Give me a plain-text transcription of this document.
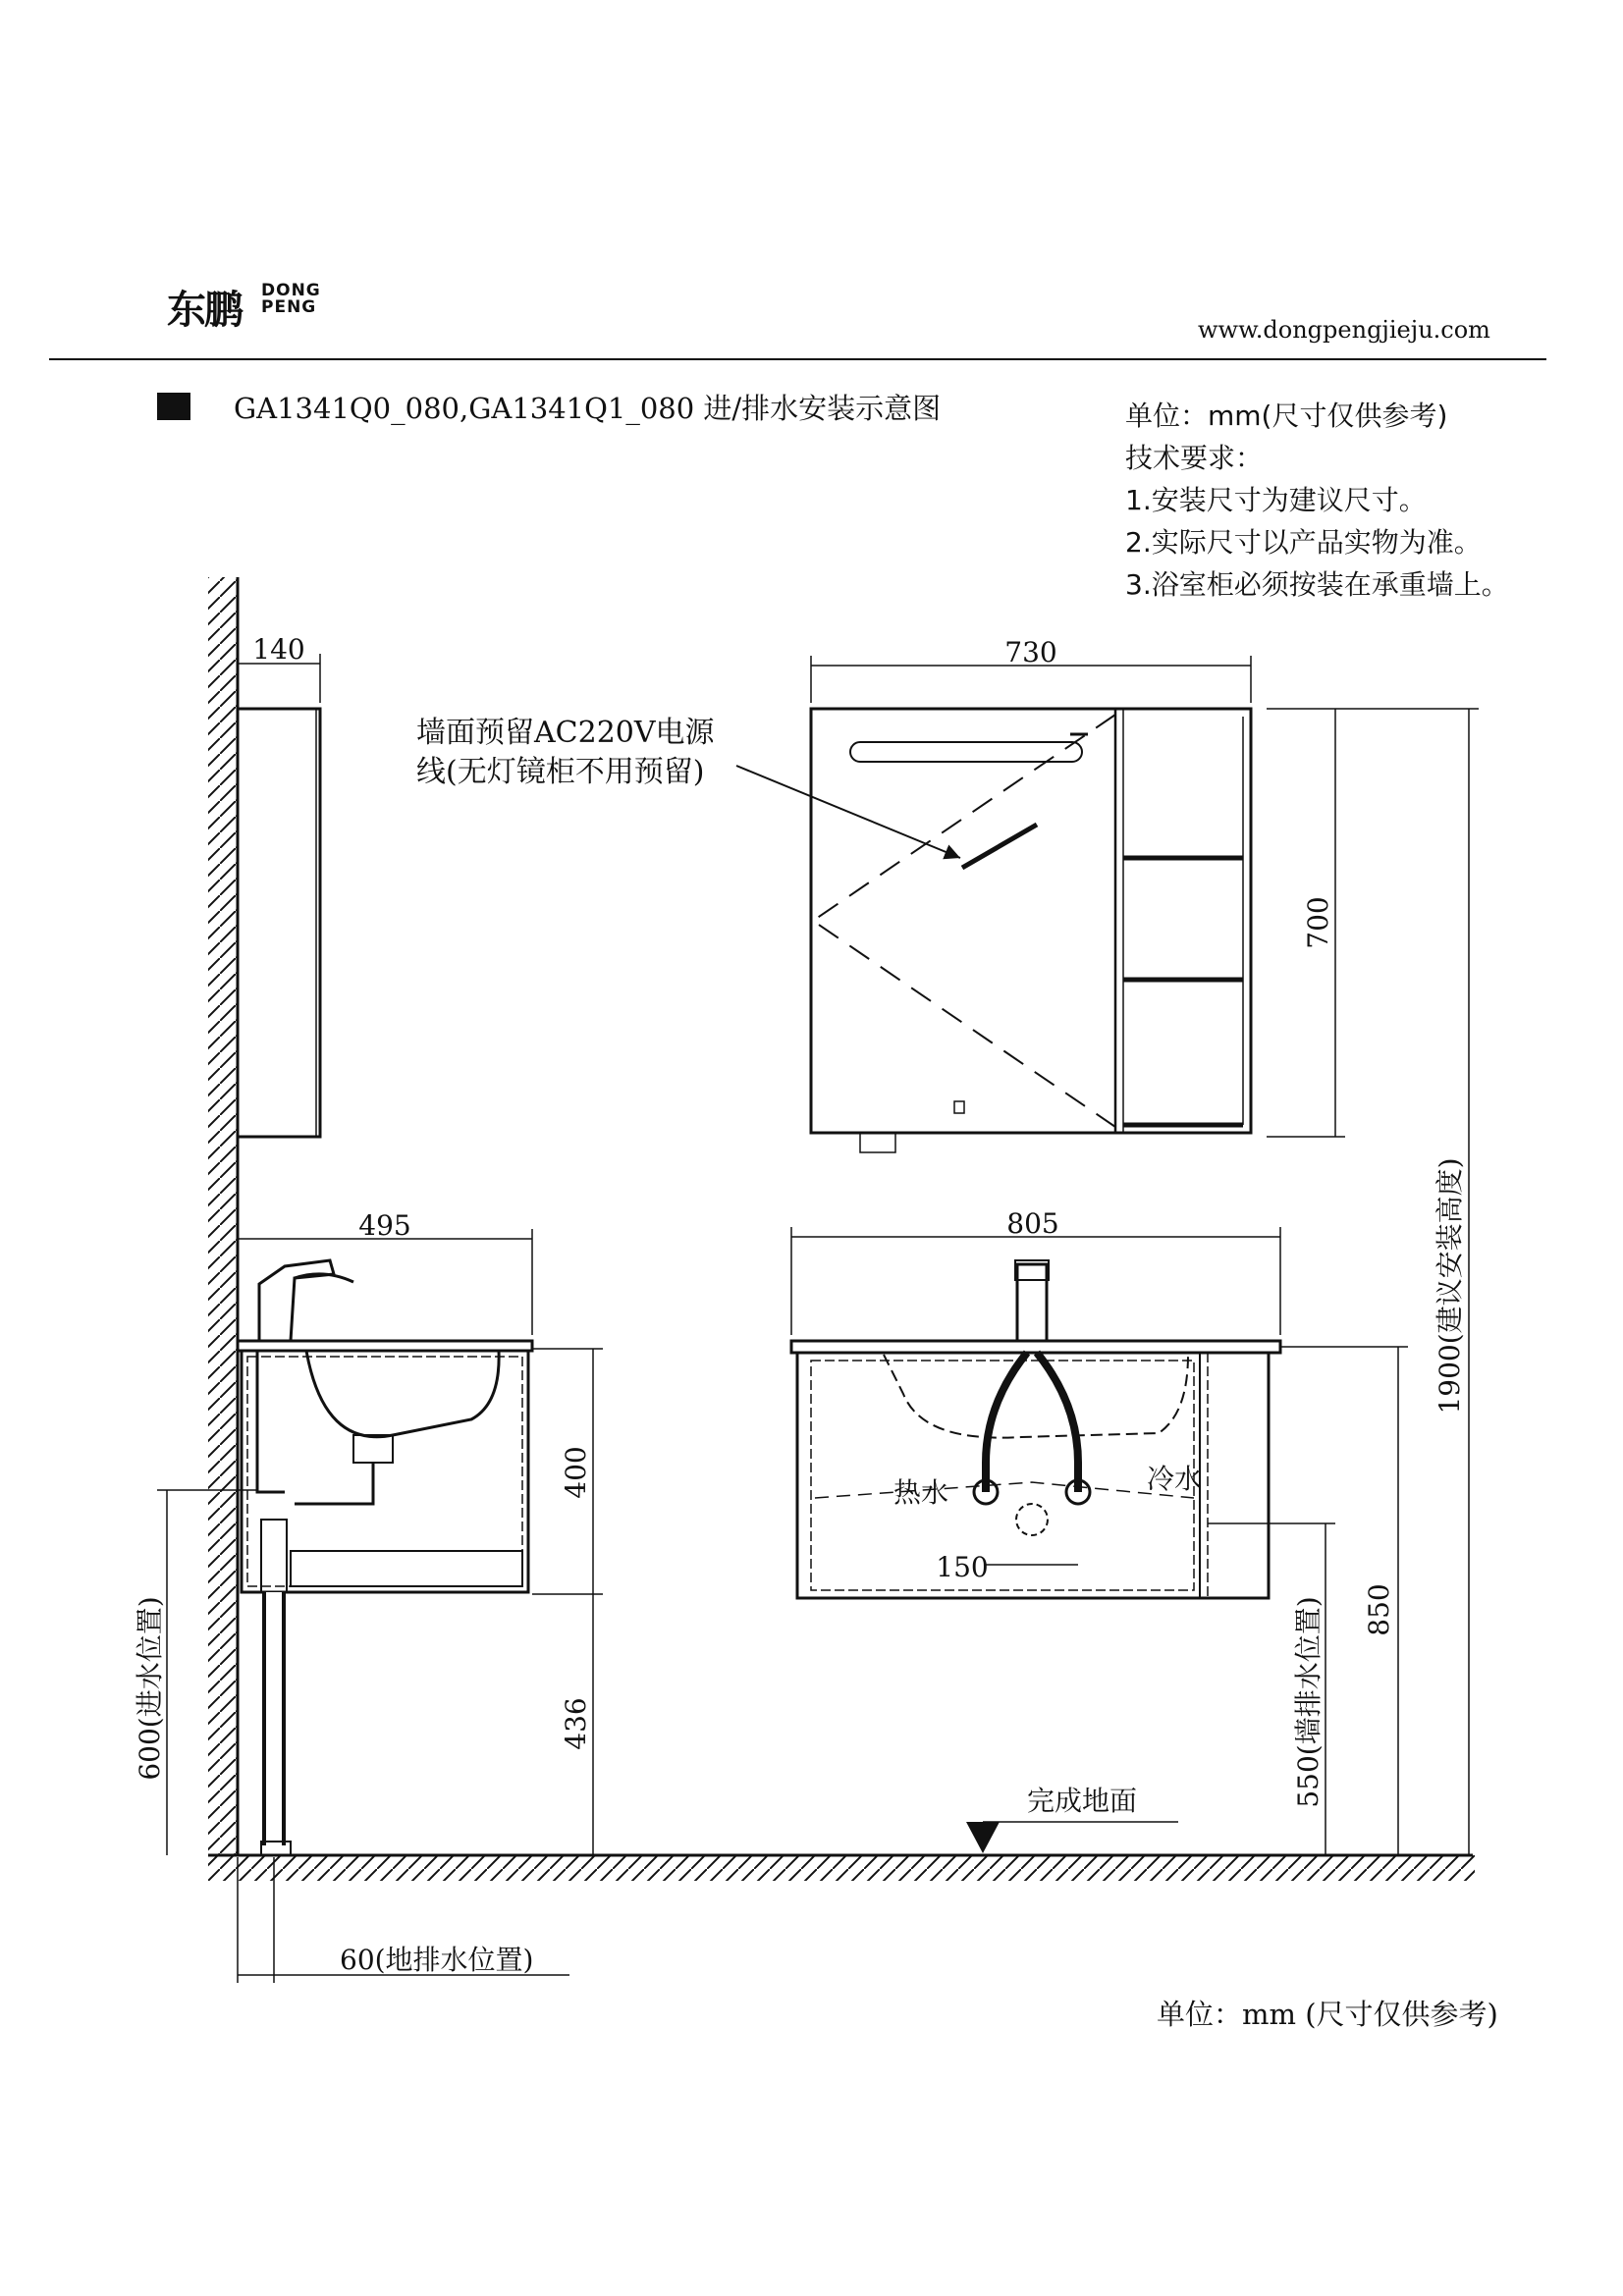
东鹏 DONG
PENG
www.dongpengjieju.com
GA1341Q0_080,GA1341Q1_080 进/排水安装示意图	单位：mm(尺寸仅供参考)
技术要求：
1.安装尺寸为建议尺寸。
2.实际尺寸以产品实物为准。
3.浴室柜必须按装在承重墙上。
140
墙面预留AC220V电源
线(无灯镜柜不用预留)
730
700
1900(建议安装高度)
495
400
436
600(进水位置)
60(地排水位置)
805
热水	冷水
150
850
550(墙排水位置)
完成地面
单位：mm (尺寸仅供参考)
